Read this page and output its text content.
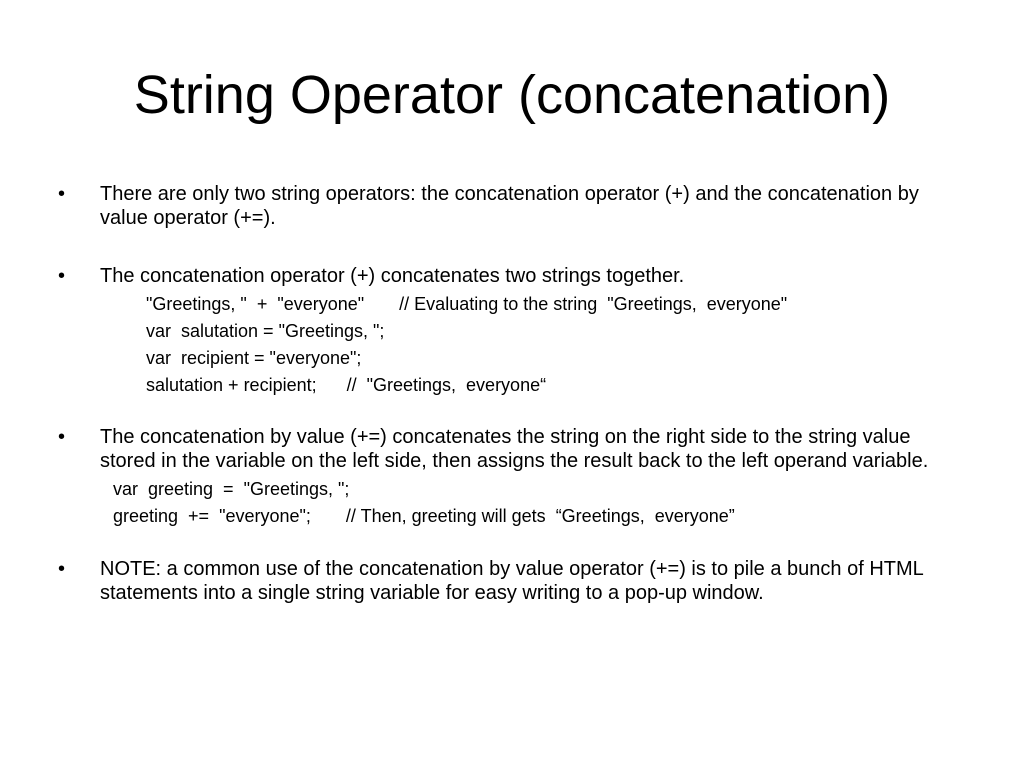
String Operator (concatenation)
•	There are only two string operators: the concatenation operator (+) and the concatenation by value operator (+=).
•	The concatenation operator (+) concatenates two strings together.
"Greetings, "  +  "everyone"       // Evaluating to the string  "Greetings,  everyone"
var  salutation = "Greetings, ";
var  recipient = "everyone";
salutation + recipient;      //  "Greetings,  everyone“
•	The concatenation by value (+=) concatenates the string on the right side to the string value stored in the variable on the left side, then assigns the result back to the left operand variable.
var  greeting  =  "Greetings, ";
greeting  +=  "everyone";       // Then, greeting will gets  “Greetings,  everyone”
•	NOTE: a common use of the concatenation by value operator (+=) is to pile a bunch of HTML statements into a single string variable for easy writing to a pop-up window.
